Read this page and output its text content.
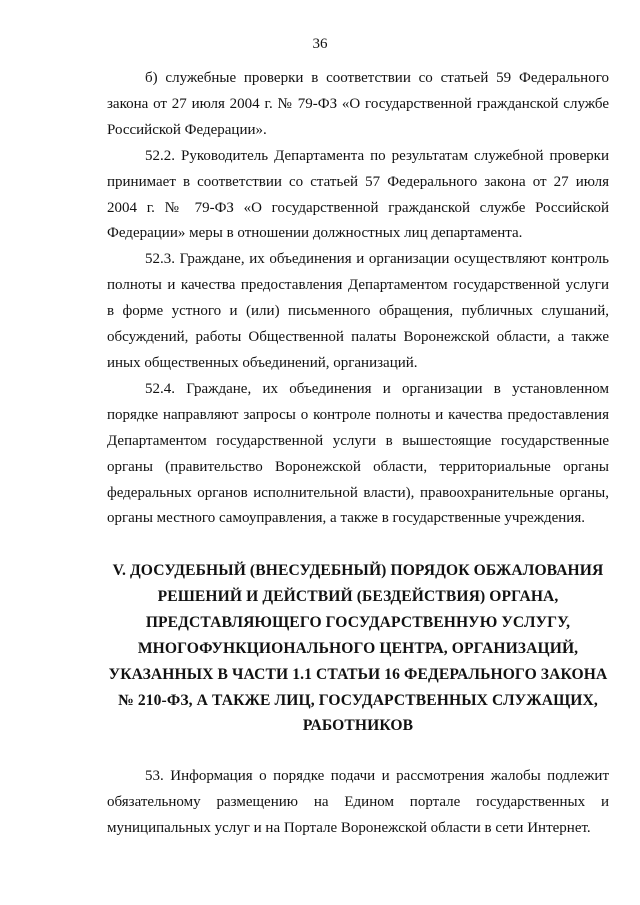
36

б) служебные проверки в соответствии со статьей 59 Федерального закона от 27 июля 2004 г. № 79-ФЗ «О государственной гражданской службе Российской Федерации».

52.2. Руководитель Департамента по результатам служебной проверки принимает в соответствии со статьей 57 Федерального закона от 27 июля 2004 г. № 79-ФЗ «О государственной гражданской службе Российской Федерации» меры в отношении должностных лиц департамента.

52.3. Граждане, их объединения и организации осуществляют контроль полноты и качества предоставления Департаментом государственной услуги в форме устного и (или) письменного обращения, публичных слушаний, обсуждений, работы Общественной палаты Воронежской области, а также иных общественных объединений, организаций.

52.4. Граждане, их объединения и организации в установленном порядке направляют запросы о контроле полноты и качества предоставления Департаментом государственной услуги в вышестоящие государственные органы (правительство Воронежской области, территориальные органы федеральных органов исполнительной власти), правоохранительные органы, органы местного самоуправления, а также в государственные учреждения.

V. ДОСУДЕБНЫЙ (ВНЕСУДЕБНЫЙ) ПОРЯДОК ОБЖАЛОВАНИЯ РЕШЕНИЙ И ДЕЙСТВИЙ (БЕЗДЕЙСТВИЯ) ОРГАНА, ПРЕДСТАВЛЯЮЩЕГО ГОСУДАРСТВЕННУЮ УСЛУГУ, МНОГОФУНКЦИОНАЛЬНОГО ЦЕНТРА, ОРГАНИЗАЦИЙ, УКАЗАННЫХ В ЧАСТИ 1.1 СТАТЬИ 16 ФЕДЕРАЛЬНОГО ЗАКОНА № 210-ФЗ, А ТАКЖЕ ЛИЦ, ГОСУДАРСТВЕННЫХ СЛУЖАЩИХ, РАБОТНИКОВ

53. Информация о порядке подачи и рассмотрения жалобы подлежит обязательному размещению на Едином портале государственных и муниципальных услуг и на Портале Воронежской области в сети Интернет.
